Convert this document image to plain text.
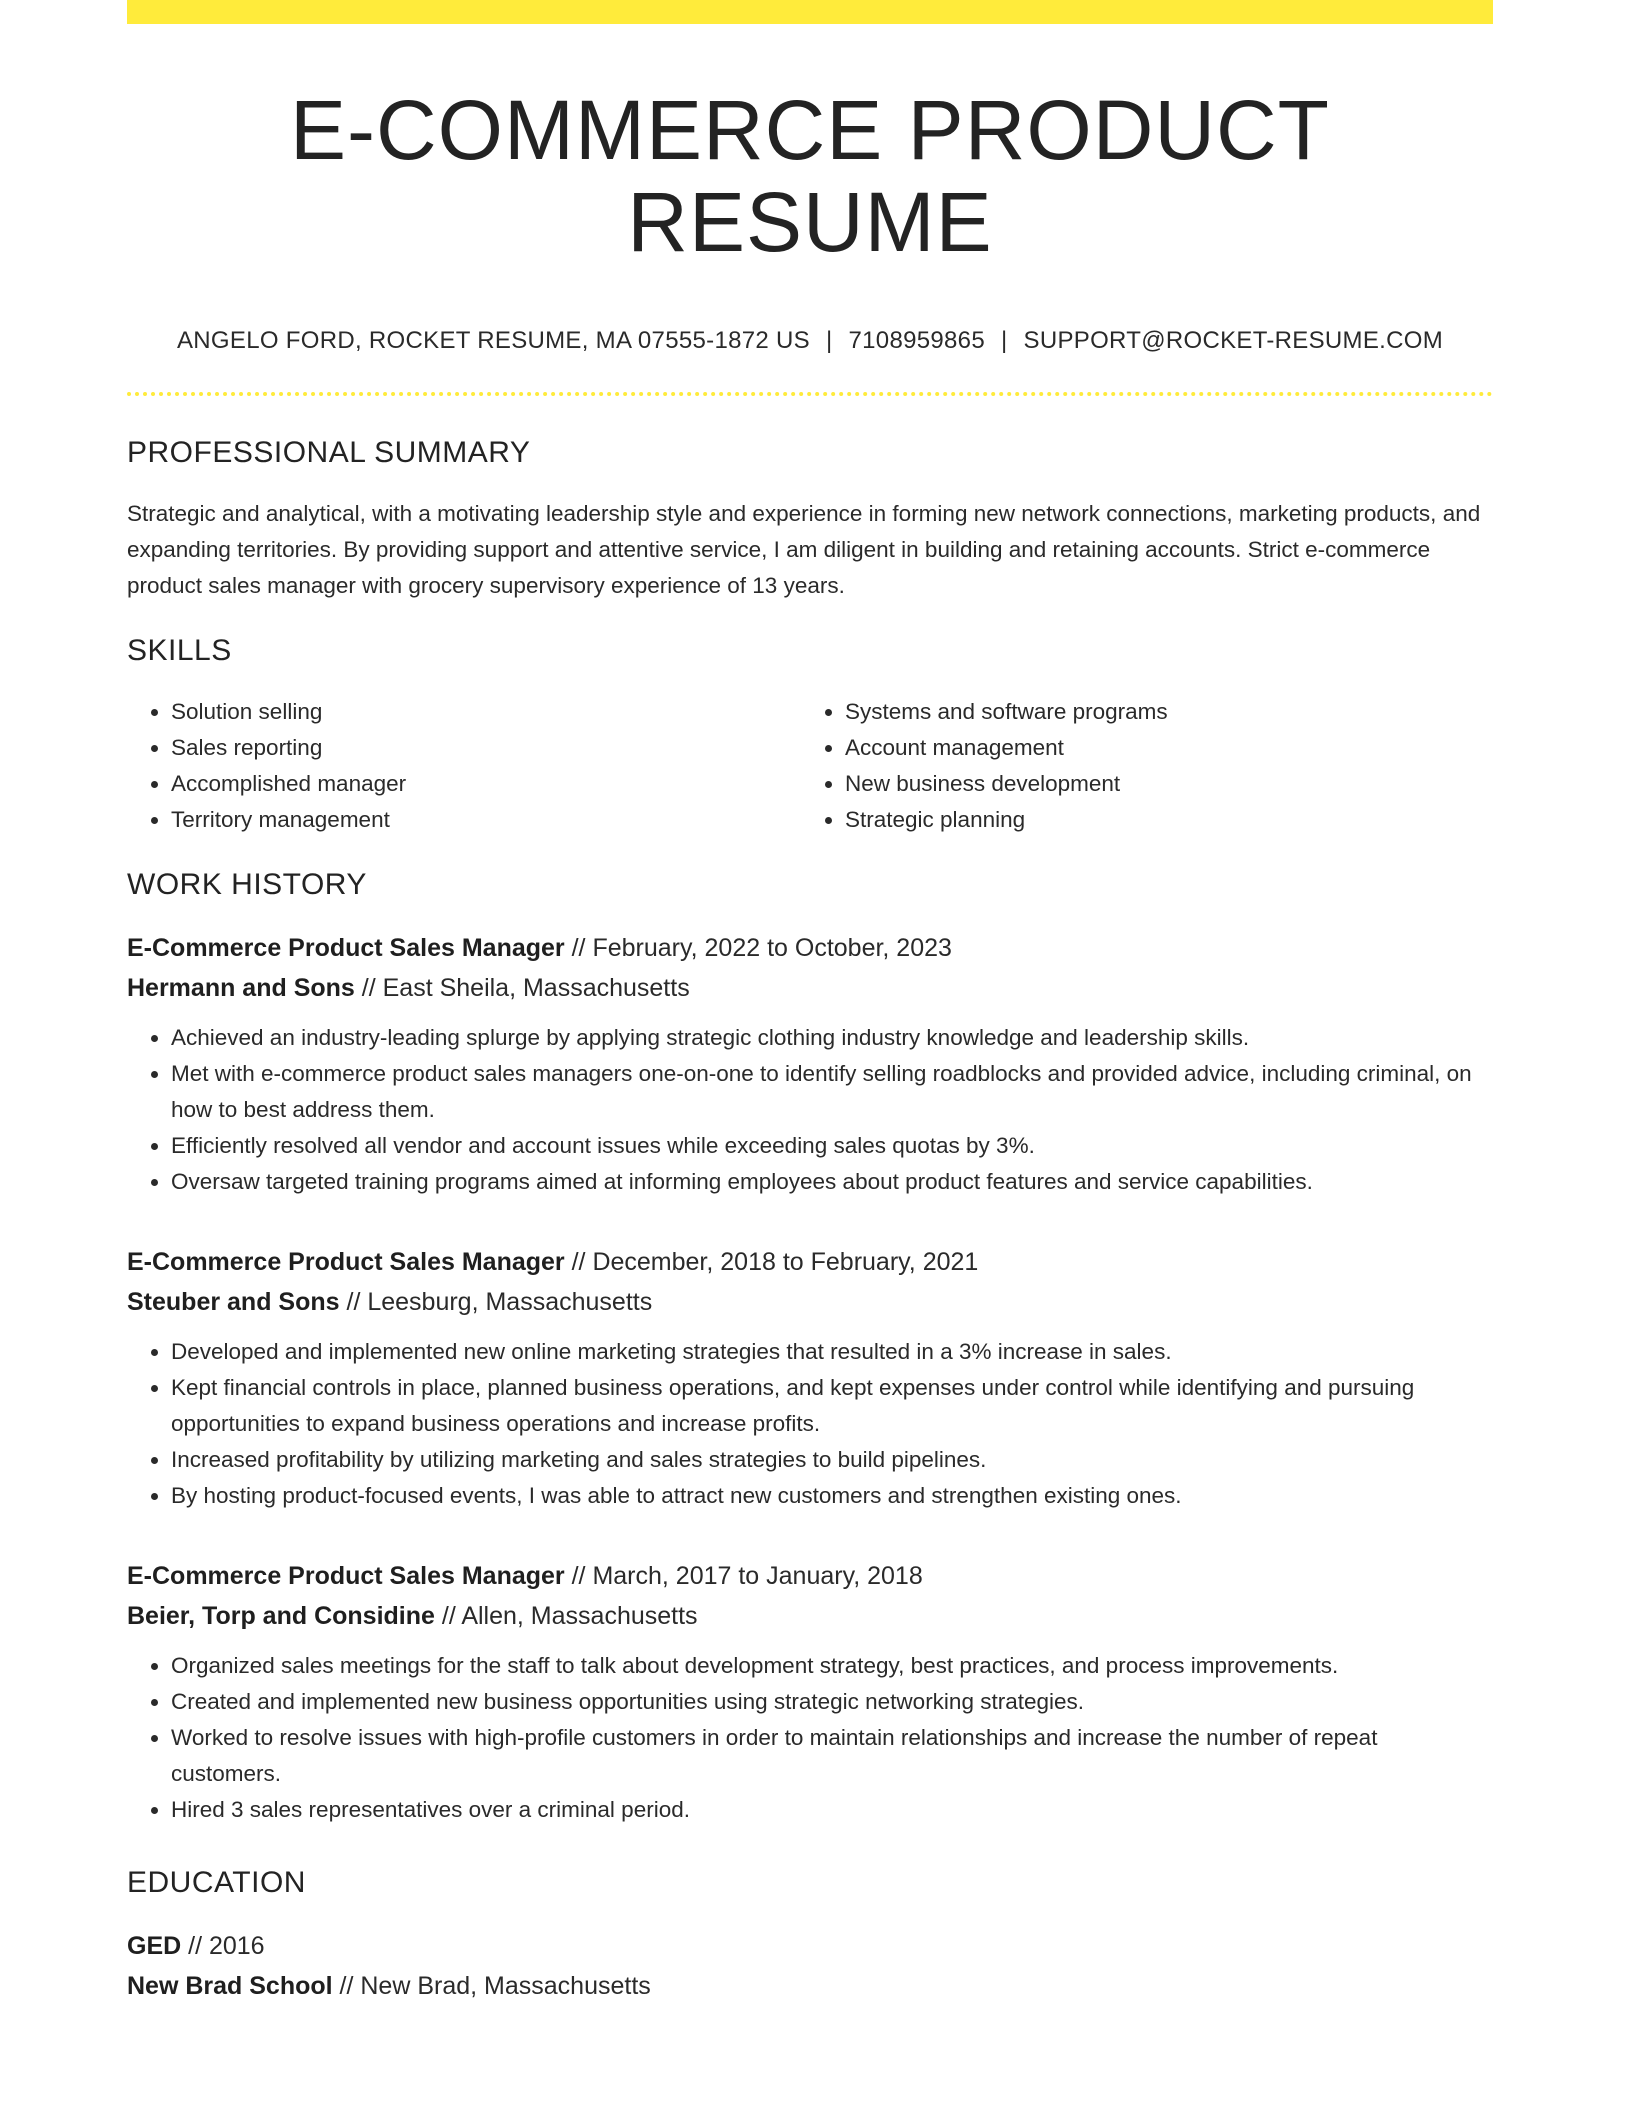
E-COMMERCE PRODUCT RESUME
ANGELO FORD, ROCKET RESUME, MA 07555-1872 US | 7108959865 | SUPPORT@ROCKET-RESUME.COM
PROFESSIONAL SUMMARY
Strategic and analytical, with a motivating leadership style and experience in forming new network connections, marketing products, and expanding territories. By providing support and attentive service, I am diligent in building and retaining accounts. Strict e-commerce product sales manager with grocery supervisory experience of 13 years.
SKILLS
• Solution selling
• Sales reporting
• Accomplished manager
• Territory management
• Systems and software programs
• Account management
• New business development
• Strategic planning
WORK HISTORY
E-Commerce Product Sales Manager // February, 2022 to October, 2023
Hermann and Sons // East Sheila, Massachusetts
• Achieved an industry-leading splurge by applying strategic clothing industry knowledge and leadership skills.
• Met with e-commerce product sales managers one-on-one to identify selling roadblocks and provided advice, including criminal, on how to best address them.
• Efficiently resolved all vendor and account issues while exceeding sales quotas by 3%.
• Oversaw targeted training programs aimed at informing employees about product features and service capabilities.
E-Commerce Product Sales Manager // December, 2018 to February, 2021
Steuber and Sons // Leesburg, Massachusetts
• Developed and implemented new online marketing strategies that resulted in a 3% increase in sales.
• Kept financial controls in place, planned business operations, and kept expenses under control while identifying and pursuing opportunities to expand business operations and increase profits.
• Increased profitability by utilizing marketing and sales strategies to build pipelines.
• By hosting product-focused events, I was able to attract new customers and strengthen existing ones.
E-Commerce Product Sales Manager // March, 2017 to January, 2018
Beier, Torp and Considine // Allen, Massachusetts
• Organized sales meetings for the staff to talk about development strategy, best practices, and process improvements.
• Created and implemented new business opportunities using strategic networking strategies.
• Worked to resolve issues with high-profile customers in order to maintain relationships and increase the number of repeat customers.
• Hired 3 sales representatives over a criminal period.
EDUCATION
GED // 2016
New Brad School // New Brad, Massachusetts
